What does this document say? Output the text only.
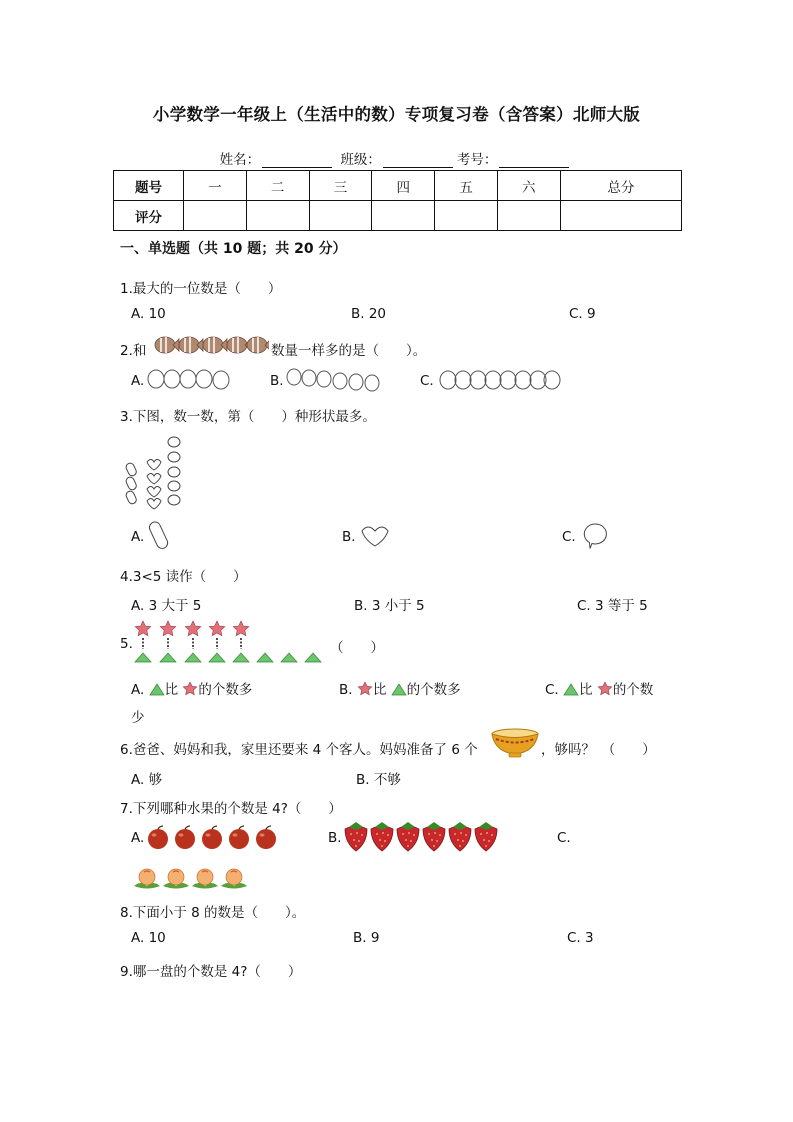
小学数学一年级上（生活中的数）专项复习卷（含答案）北师大版
姓名：	班级：	考号：
题号	一	二	三	四	五	六	总分
评分							
一、单选题（共 10 题；共 20 分）
1.最大的一位数是（　　）
A. 10	B. 20	C. 9
2.和	数量一样多的是（　　）。
A.	B.	C.
3.下图，数一数，第（　　）种形状最多。
A.	B.	C.
4.3<5 读作（　　）
A. 3 大于 5	B. 3 小于 5	C. 3 等于 5
5.	（　　）
A. 比 的个数多	B. 比 的个数多	C. 比 的个数
少
6.爸爸、妈妈和我，家里还要来 4 个客人。妈妈准备了 6 个	，够吗？　（　　）
A. 够	B. 不够
7.下列哪种水果的个数是 4?（　　）
A.	B.	C.
8.下面小于 8 的数是（　　）。
A. 10	B. 9	C. 3
9.哪一盘的个数是 4?（　　）
